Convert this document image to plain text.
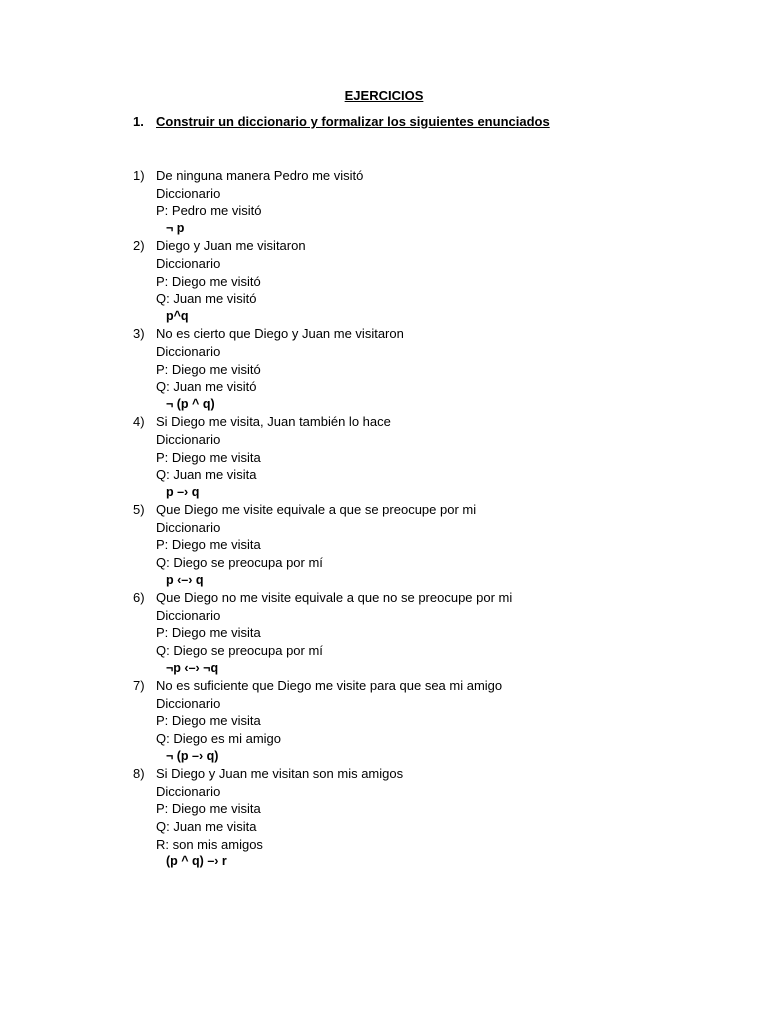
EJERCICIOS
1. Construir un diccionario y formalizar los siguientes enunciados
1) De ninguna manera Pedro me visitó
Diccionario
P: Pedro me visitó
¬ p
2) Diego y Juan me visitaron
Diccionario
P: Diego me visitó
Q: Juan me visitó
p^q
3) No es cierto que Diego y Juan me visitaron
Diccionario
P: Diego me visitó
Q: Juan me visitó
¬ (p ^ q)
4) Si Diego me visita, Juan también lo hace
Diccionario
P: Diego me visita
Q: Juan me visita
p –› q
5) Que Diego me visite equivale a que se preocupe por mi
Diccionario
P: Diego me visita
Q: Diego se preocupa por mí
p ‹–› q
6) Que Diego no me visite equivale a que no se preocupe por mi
Diccionario
P: Diego me visita
Q: Diego se preocupa por mí
¬p ‹–› ¬q
7) No es suficiente que Diego me visite para que sea mi amigo
Diccionario
P: Diego me visita
Q: Diego es mi amigo
¬ (p –› q)
8) Si Diego y Juan me visitan son mis amigos
Diccionario
P: Diego me visita
Q: Juan me visita
R: son mis amigos
(p ^ q) –› r
